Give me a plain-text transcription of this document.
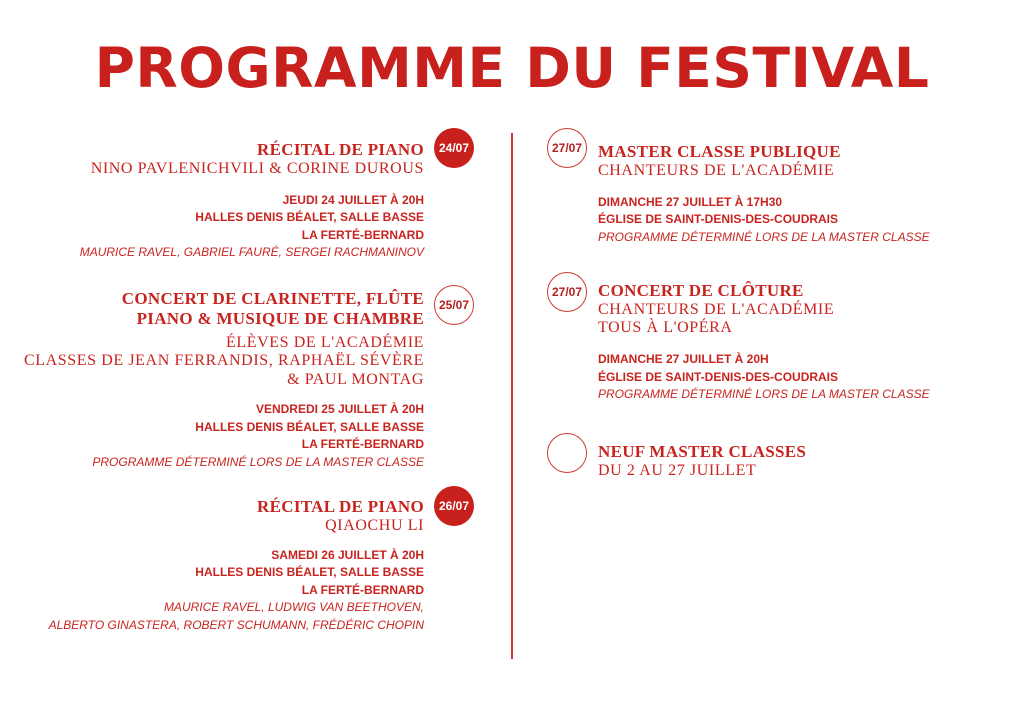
PROGRAMME DU FESTIVAL
RÉCITAL DE PIANO
NINO PAVLENICHVILI & CORINE DUROUS
JEUDI 24 JUILLET À 20H
HALLES DENIS BÉALET, SALLE BASSE
LA FERTÉ-BERNARD
MAURICE RAVEL, GABRIEL FAURÉ, SERGEI RACHMANINOV
24/07
CONCERT DE CLARINETTE, FLÛTE
PIANO & MUSIQUE DE CHAMBRE
ÉLÈVES DE L'ACADÉMIE
CLASSES DE JEAN FERRANDIS, RAPHAËL SÉVÈRE
& PAUL MONTAG
VENDREDI 25 JUILLET À 20H
HALLES DENIS BÉALET, SALLE BASSE
LA FERTÉ-BERNARD
PROGRAMME DÉTERMINÉ LORS DE LA MASTER CLASSE
25/07
RÉCITAL DE PIANO
QIAOCHU LI
SAMEDI 26 JUILLET À 20H
HALLES DENIS BÉALET, SALLE BASSE
LA FERTÉ-BERNARD
MAURICE RAVEL, LUDWIG VAN BEETHOVEN,
ALBERTO GINASTERA, ROBERT SCHUMANN, FRÉDÉRIC CHOPIN
26/07
27/07 MASTER CLASSE PUBLIQUE
CHANTEURS DE L'ACADÉMIE
DIMANCHE 27 JUILLET À 17H30
ÉGLISE DE SAINT-DENIS-DES-COUDRAIS
PROGRAMME DÉTERMINÉ LORS DE LA MASTER CLASSE
27/07 CONCERT DE CLÔTURE
CHANTEURS DE L'ACADÉMIE
TOUS À L'OPÉRA
DIMANCHE 27 JUILLET À 20H
ÉGLISE DE SAINT-DENIS-DES-COUDRAIS
PROGRAMME DÉTERMINÉ LORS DE LA MASTER CLASSE
NEUF MASTER CLASSES
DU 2 AU 27 JUILLET
